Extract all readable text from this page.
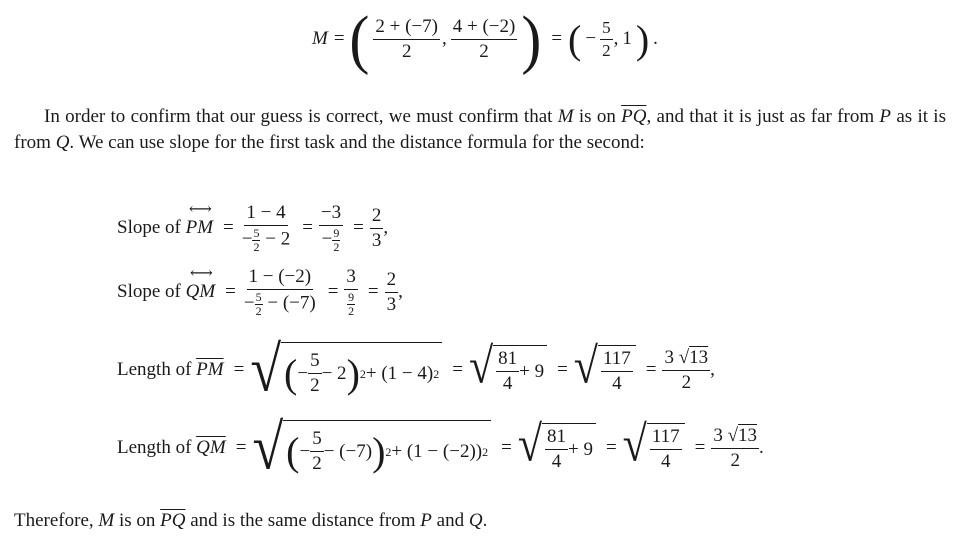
M = ( $\frac{2 + (-7)}{2}$ , $\frac{4 + (-2)}{2}$ ) = ( − $\frac{5}{2}$ , 1 ) .
In order to confirm that our guess is correct, we must confirm that M is on $\overline{PQ}$, and that it is just as far from P as it is from Q. We can use slope for the first task and the distance formula for the second:
Slope of ⟷ PM = $\frac{1 - 4}{- \frac{5}{2} - 2} = \frac{-3}{- \frac{9}{2}} = \frac{2}{3}$ ,
Slope of ⟷ QM = $\frac{1 - (-2)}{- \frac{5}{2} - (-7)} = \frac{3}{\frac{9}{2}} = \frac{2}{3}$ ,
Length of $\overline{PM}$ = √ ( − $\frac{5}{2} - 2$ ) 2 + (1 − 4) 2 = √ $\frac{81}{4} + 9$ = √ $\frac{117}{4} = \frac{3 √13}{2}$ ,
Length of $\overline{QM}$ = √ ( − $\frac{5}{2} - (-7)$ ) 2 + (1 − (−2)) 2 = √ $\frac{81}{4} + 9$ = √ $\frac{117}{4} = \frac{3 √13}{2}$ .
Therefore, M is on $\overline{PQ}$ and is the same distance from P and Q.
